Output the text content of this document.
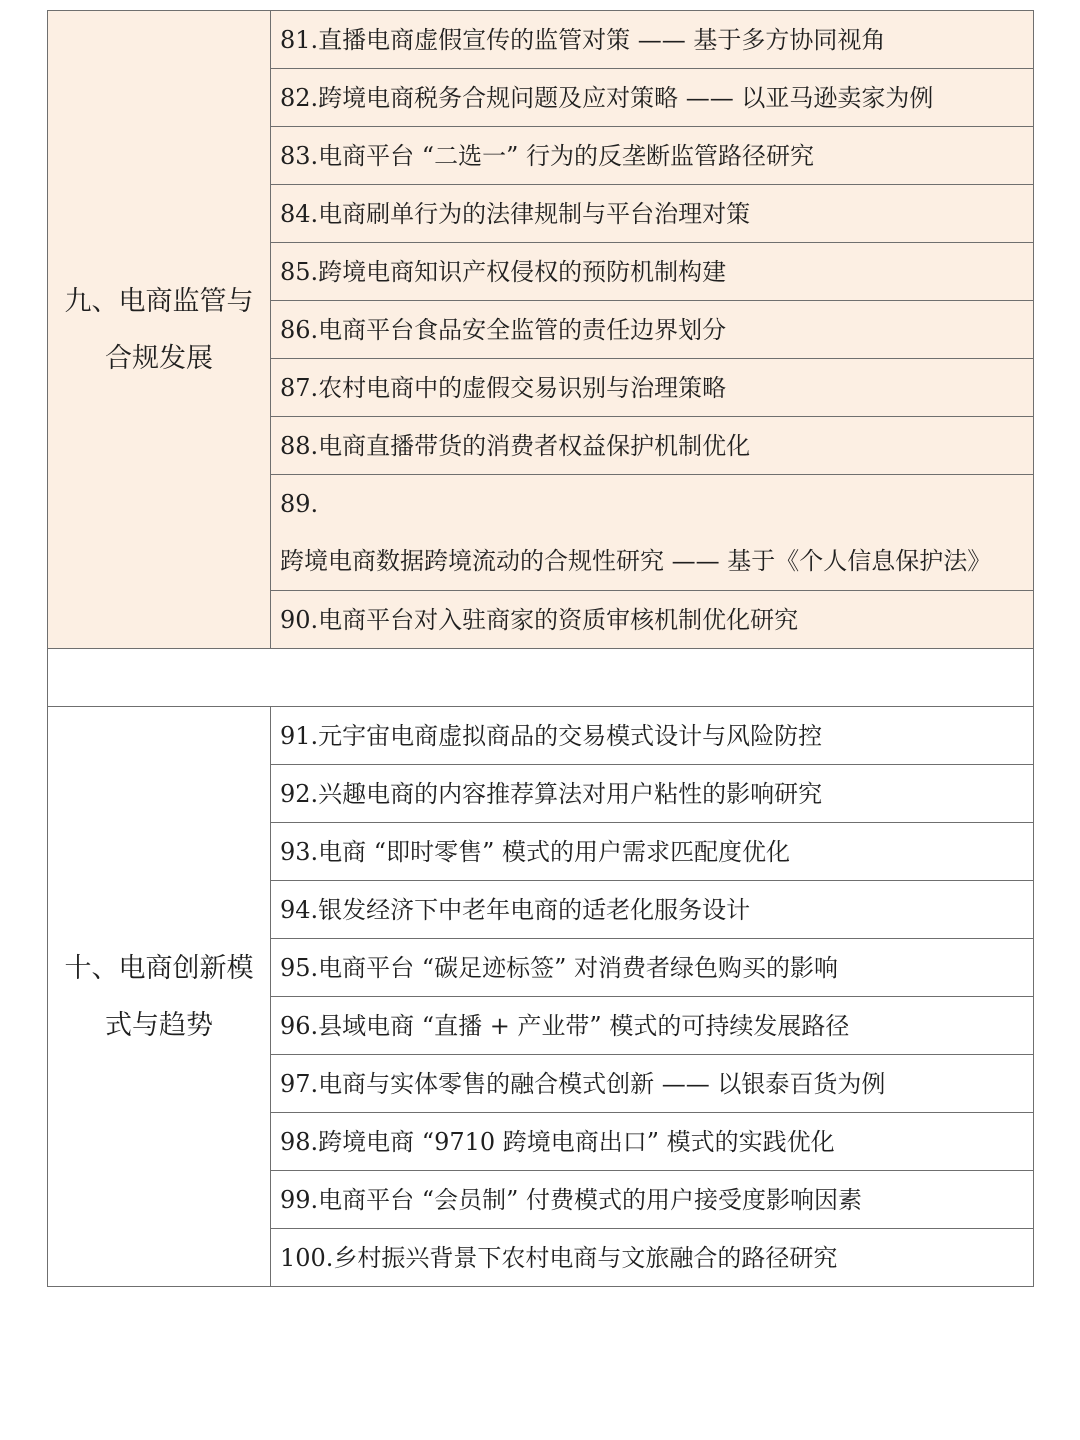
九、电商监管与合规发展	81.直播电商虚假宣传的监管对策 —— 基于多方协同视角
	82.跨境电商税务合规问题及应对策略 —— 以亚马逊卖家为例
	83.电商平台 “二选一” 行为的反垄断监管路径研究
	84.电商刷单行为的法律规制与平台治理对策
	85.跨境电商知识产权侵权的预防机制构建
	86.电商平台食品安全监管的责任边界划分
	87.农村电商中的虚假交易识别与治理策略
	88.电商直播带货的消费者权益保护机制优化
	89.跨境电商数据跨境流动的合规性研究 —— 基于《个人信息保护法》
	90.电商平台对入驻商家的资质审核机制优化研究

十、电商创新模式与趋势	91.元宇宙电商虚拟商品的交易模式设计与风险防控
	92.兴趣电商的内容推荐算法对用户粘性的影响研究
	93.电商 “即时零售” 模式的用户需求匹配度优化
	94.银发经济下中老年电商的适老化服务设计
	95.电商平台 “碳足迹标签” 对消费者绿色购买的影响
	96.县域电商 “直播 + 产业带” 模式的可持续发展路径
	97.电商与实体零售的融合模式创新 —— 以银泰百货为例
	98.跨境电商 “9710 跨境电商出口” 模式的实践优化
	99.电商平台 “会员制” 付费模式的用户接受度影响因素
	100.乡村振兴背景下农村电商与文旅融合的路径研究
